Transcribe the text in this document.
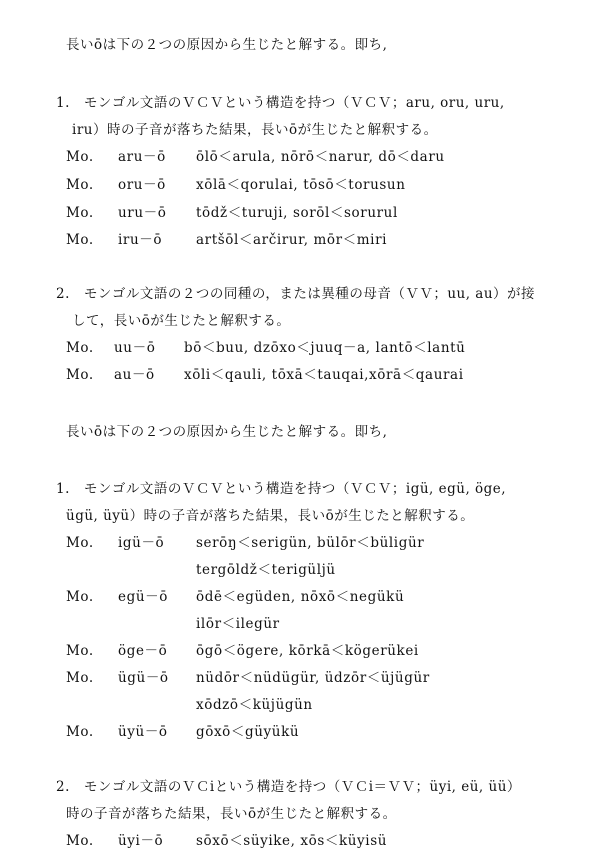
長いōは下の２つの原因から生じたと解する。即ち,
1.　モンゴル文語のＶＣＶという構造を持つ（ＶＣＶ；aru, oru, uru,
iru）時の子音が落ちた結果，長いōが生じたと解釈する。
Mo. aru－ō ōlō＜arula, nōrō＜narur, dō＜daru
Mo. oru－ō xōlā＜qorulai, tōsō＜torusun
Mo. uru－ō tōdž＜turuji, sorōl＜sorurul
Mo. iru－ō	artšōl＜arčirur, mōr＜miri
2.　モンゴル文語の２つの同種の，または異種の母音（ＶＶ；uu, au）が接
して，長いōが生じたと解釈する。
Mo. uu－ō bō＜buu, dzōxo＜juuq－a, lantō＜lantū
Mo. au－ō xōli＜qauli, tōxā＜tauqai,xōrā＜qaurai
長いōは下の２つの原因から生じたと解する。即ち,
1.　モンゴル文語のＶＣＶという構造を持つ（ＶＣＶ；igü, egü, öge,
ügü, üyü）時の子音が落ちた結果，長いōが生じたと解釈する。
Mo. igü－ō serōŋ＜serigün, bülōr＜büligür
tergōldž＜terigüljü
Mo. egü－ō ōdē＜egüden, nōxō＜negükü
ilōr＜ilegür
Mo. öge－ō ōgō＜ögere, kōrkā＜kögerükei
Mo. ügü－ō nüdōr＜nüdügür, üdzōr＜üjügür
xōdzō＜küjügün
Mo. üyü－ō gōxō＜güyükü
2.　モンゴル文語のＶＣiという構造を持つ（ＶＣi＝ＶＶ；üyi, eü, üü）
時の子音が落ちた結果，長いōが生じたと解釈する。
Mo. üyi－ō sōxō＜süyike, xōs＜küyisü
